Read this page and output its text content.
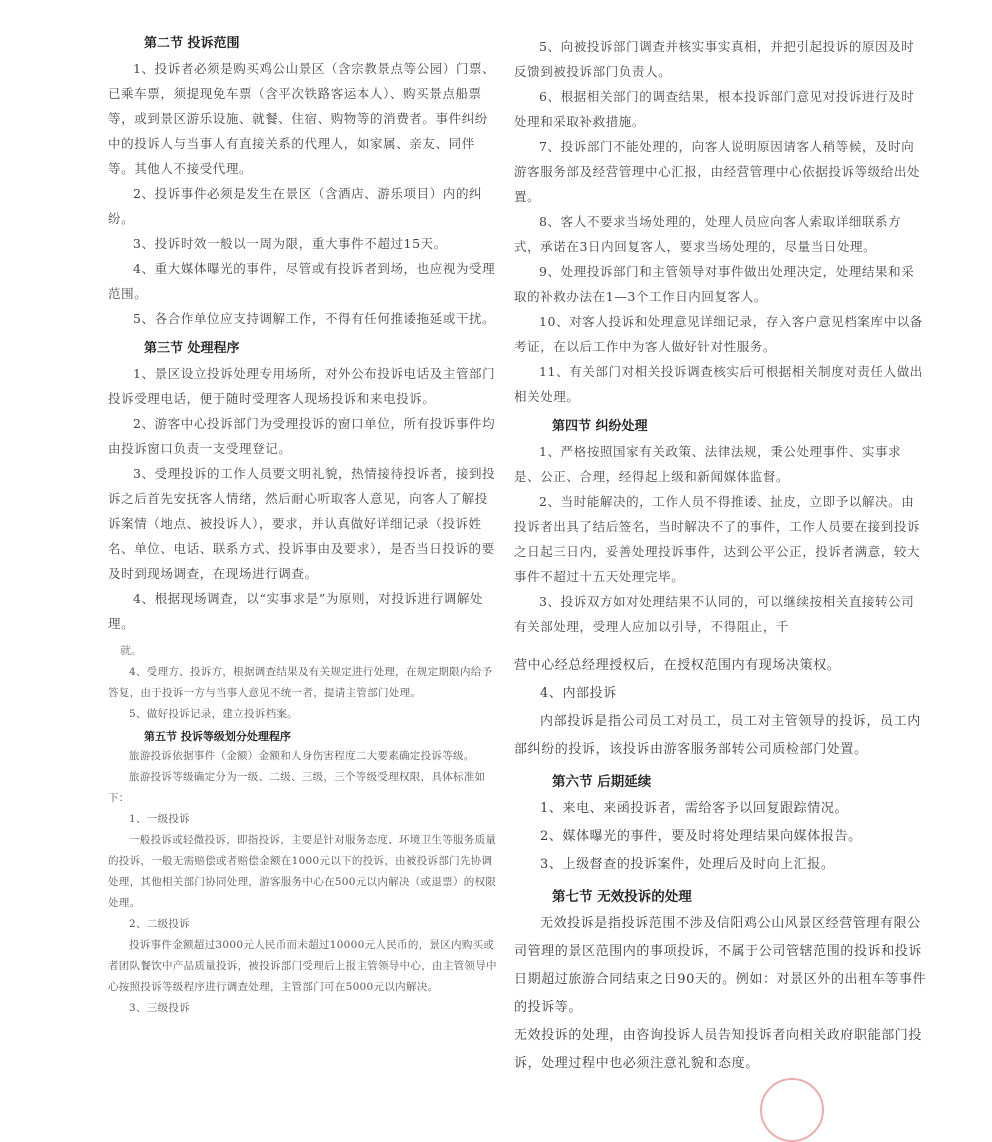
第二节 投诉范围

1、投诉者必须是购买鸡公山景区（含宗教景点等公园）门票、已乘车票，须提现免车票（含平次铁路客运本人）、购买景点船票等，或到景区游乐设施、就餐、住宿、购物等的消费者。事件纠纷中的投诉人与当事人有直接关系的代理人，如家属、亲友、同伴等。其他人不接受代理。

2、投诉事件必须是发生在景区（含酒店、游乐项目）内的纠纷。

3、投诉时效一般以一周为限，重大事件不超过15天。

4、重大媒体曝光的事件，尽管或有投诉者到场，也应视为受理范围。

5、各合作单位应支持调解工作，不得有任何推诿拖延或干扰。

第三节 处理程序

1、景区设立投诉处理专用场所，对外公布投诉电话及主管部门投诉受理电话，便于随时受理客人现场投诉和来电投诉。

2、游客中心投诉部门为受理投诉的窗口单位，所有投诉事件均由投诉窗口负责一支受理登记。

3、受理投诉的工作人员要文明礼貌，热情接待投诉者，接到投诉之后首先安抚客人情绪，然后耐心听取客人意见，向客人了解投诉案情（地点、被投诉人），要求，并认真做好详细记录（投诉姓名、单位、电话、联系方式、投诉事由及要求），是否当日投诉的要及时到现场调查，在现场进行调查。

4、根据现场调查，以“实事求是”为原则，对投诉进行调解处理。

就。

4、受理方、投诉方，根据调查结果及有关规定进行处理，在规定期限内给予答复，由于投诉一方与当事人意见不统一者，提请主管部门处理。

5、做好投诉记录，建立投诉档案。

第五节 投诉等级划分处理程序

旅游投诉依据事件（金额）金额和人身伤害程度二大要素确定投诉等级。

旅游投诉等级确定分为一级、二级、三级，三个等级受理权限，具体标准如下：

1、一级投诉

一般投诉或轻微投诉，即指投诉，主要是针对服务态度、环境卫生等服务质量的投诉，一般无需赔偿或者赔偿金额在1000元以下的投诉，由被投诉部门先协调处理，其他相关部门协同处理，游客服务中心在500元以内解决（或退票）的权限处理。

2、二级投诉

投诉事件金额超过3000元人民币而未超过10000元人民币的，景区内购买或者团队餐饮中产品质量投诉，被投诉部门受理后上报主管领导中心，由主管领导中心按照投诉等级程序进行调查处理，主管部门可在5000元以内解决。

3、三级投诉

5、向被投诉部门调查并核实事实真相，并把引起投诉的原因及时反馈到被投诉部门负责人。

6、根据相关部门的调查结果，根本投诉部门意见对投诉进行及时处理和采取补救措施。

7、投诉部门不能处理的，向客人说明原因请客人稍等候，及时向游客服务部及经营管理中心汇报，由经营管理中心依据投诉等级给出处置。

8、客人不要求当场处理的，处理人员应向客人索取详细联系方式，承诺在3日内回复客人，要求当场处理的，尽量当日处理。

9、处理投诉部门和主管领导对事件做出处理决定，处理结果和采取的补救办法在1—3个工作日内回复客人。

10、对客人投诉和处理意见详细记录，存入客户意见档案库中以备考证，在以后工作中为客人做好针对性服务。

11、有关部门对相关投诉调查核实后可根据相关制度对责任人做出相关处理。

第四节 纠纷处理

1、严格按照国家有关政策、法律法规，秉公处理事件、实事求是、公正、合理，经得起上级和新闻媒体监督。

2、当时能解决的，工作人员不得推诿、扯皮，立即予以解决。由投诉者出具了结后签名，当时解决不了的事件，工作人员要在接到投诉之日起三日内，妥善处理投诉事件，达到公平公正，投诉者满意，较大事件不超过十五天处理完毕。

3、投诉双方如对处理结果不认同的，可以继续按相关直接转公司有关部处理，受理人应加以引导，不得阻止，千

营中心经总经理授权后，在授权范围内有现场决策权。

4、内部投诉

内部投诉是指公司员工对员工，员工对主管领导的投诉，员工内部纠纷的投诉，该投诉由游客服务部转公司质检部门处置。

第六节 后期延续

1、来电、来函投诉者，需给客予以回复跟踪情况。

2、媒体曝光的事件，要及时将处理结果向媒体报告。

3、上级督查的投诉案件，处理后及时向上汇报。

第七节 无效投诉的处理

无效投诉是指投诉范围不涉及信阳鸡公山风景区经营管理有限公司管理的景区范围内的事项投诉，不属于公司管辖范围的投诉和投诉日期超过旅游合同结束之日90天的。例如：对景区外的出租车等事件的投诉等。

无效投诉的处理，由咨询投诉人员告知投诉者向相关政府职能部门投诉，处理过程中也必须注意礼貌和态度。
